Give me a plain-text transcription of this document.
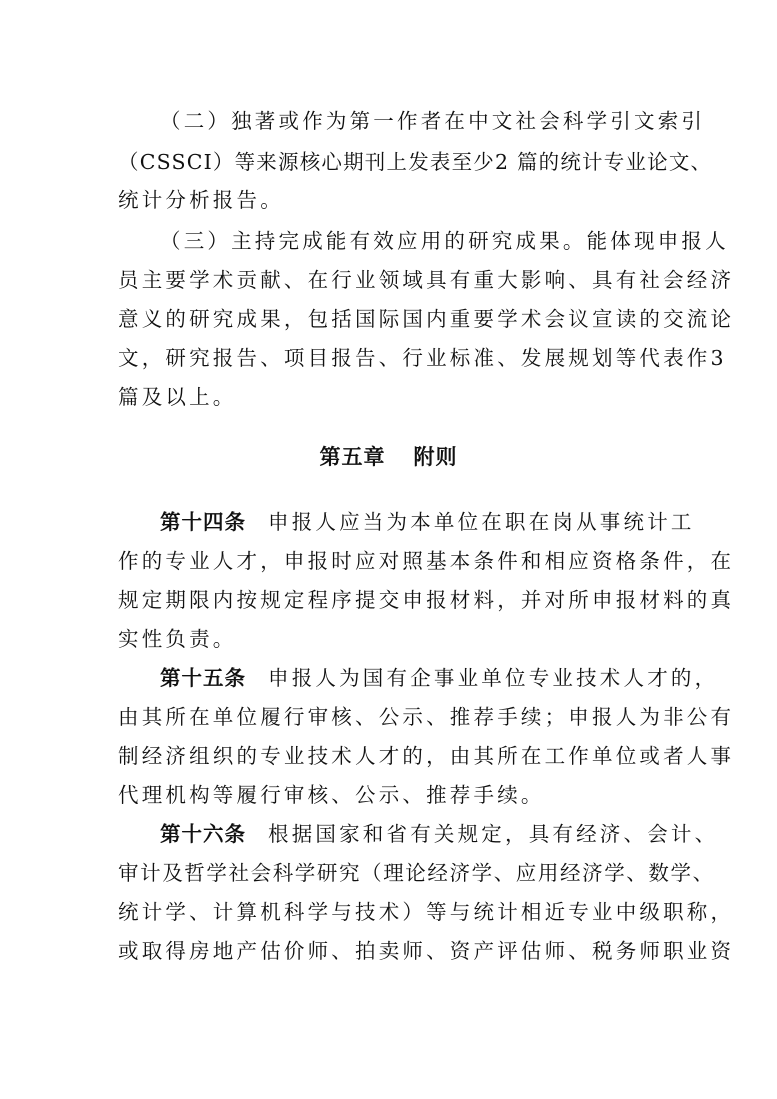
（二）独著或作为第一作者在中文社会科学引文索引
（CSSCI）等来源核心期刊上发表至少2 篇的统计专业论文、
统计分析报告。
（三）主持完成能有效应用的研究成果。能体现申报人
员主要学术贡献、在行业领域具有重大影响、具有社会经济
意义的研究成果，包括国际国内重要学术会议宣读的交流论
文，研究报告、项目报告、行业标准、发展规划等代表作3
篇及以上。
第五章 附则
第十四条 申报人应当为本单位在职在岗从事统计工
作的专业人才，申报时应对照基本条件和相应资格条件，在
规定期限内按规定程序提交申报材料，并对所申报材料的真
实性负责。
第十五条 申报人为国有企事业单位专业技术人才的，
由其所在单位履行审核、公示、推荐手续；申报人为非公有
制经济组织的专业技术人才的，由其所在工作单位或者人事
代理机构等履行审核、公示、推荐手续。
第十六条 根据国家和省有关规定，具有经济、会计、
审计及哲学社会科学研究（理论经济学、应用经济学、数学、
统计学、计算机科学与技术）等与统计相近专业中级职称，
或取得房地产估价师、拍卖师、资产评估师、税务师职业资
